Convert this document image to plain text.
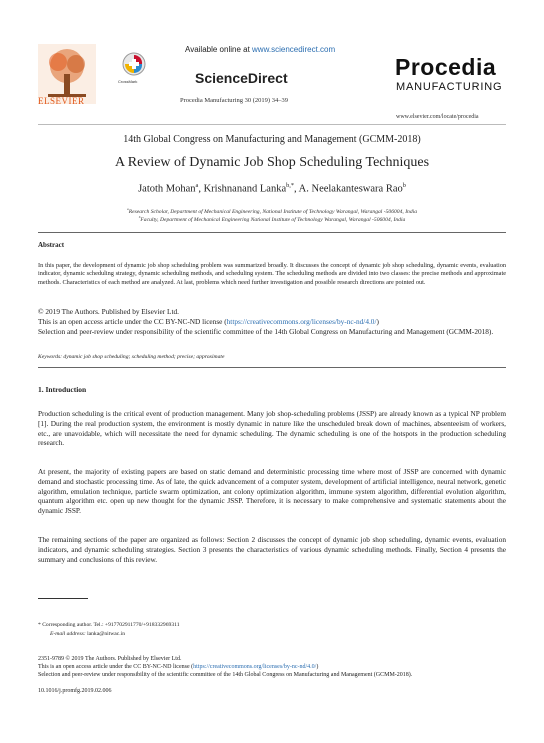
ELSEVIER
Available online at www.sciencedirect.com
CrossMark	ScienceDirect
Procedia Manufacturing 30 (2019) 34–39
Procedia
MANUFACTURING
www.elsevier.com/locate/procedia
14th Global Congress on Manufacturing and Management (GCMM-2018)
A Review of Dynamic Job Shop Scheduling Techniques
Jatoth Mohan$^a$, Krishnanand Lanka$^{b,*}$, A. Neelakanteswara Rao$^b$
$^a$Research Scholar, Department of Mechanical Engineering, National Institute of Technology Warangal, Warangal -506004, India
$^b$Faculty, Department of Mechanical Engineering National Institute of Technology Warangal, Warangal -506004, India
Abstract

In this paper, the development of dynamic job shop scheduling problem was summarized broadly. It discusses the concept of dynamic job shop scheduling, dynamic events, evaluation indicator, dynamic scheduling strategy, dynamic scheduling methods, and scheduling system. The scheduling methods are divided into two classes: the precise methods and approximate methods. Characteristics of each method are analyzed. At last, problems which need further investigation and possible research directions are pointed out.

© 2019 The Authors. Published by Elsevier Ltd.
This is an open access article under the CC BY-NC-ND license (https://creativecommons.org/licenses/by-nc-nd/4.0/)
Selection and peer-review under responsibility of the scientific committee of the 14th Global Congress on Manufacturing and Management (GCMM-2018).
Keywords: dynamic job shop scheduling; scheduling method; precise; approximate
1. Introduction

Production scheduling is the critical event of production management. Many job shop-scheduling problems (JSSP) are already known as a typical NP problem [1]. During the real production system, the environment is mostly dynamic in nature like the unscheduled break down of machines, absenteeism of workers, etc., are unavoidable, which will necessitate the need for dynamic scheduling. The dynamic scheduling is one of the hotspots in the production scheduling research.

At present, the majority of existing papers are based on static demand and deterministic processing time where most of JSSP are concerned with dynamic demand and stochastic processing time. As of late, the quick advancement of a computer system, development of artificial intelligence, neural network, genetic algorithm, emulation technique, particle swarm optimization, ant colony optimization algorithm, immune system algorithm, differential evolution algorithm, quantum algorithm etc. open up new thought for the dynamic JSSP. Therefore, it is necessary to make comprehensive and systematic statements about the dynamic JSSP.

The remaining sections of the paper are organized as follows: Section 2 discusses the concept of dynamic job shop scheduling, dynamic events, evaluation indicators, and dynamic scheduling strategies. Section 3 presents the characteristics of various dynamic scheduling methods. Finally, Section 4 presents the summary and conclusions of this review.

* Corresponding author. Tel.: +917702911770/+918332969311
E-mail address: lanka@nitwac.in
2351-9789 © 2019 The Authors. Published by Elsevier Ltd.
This is an open access article under the CC BY-NC-ND license (https://creativecommons.org/licenses/by-nc-nd/4.0/)
Selection and peer-review under responsibility of the scientific committee of the 14th Global Congress on Manufacturing and Management (GCMM-2018).
10.1016/j.promfg.2019.02.006
